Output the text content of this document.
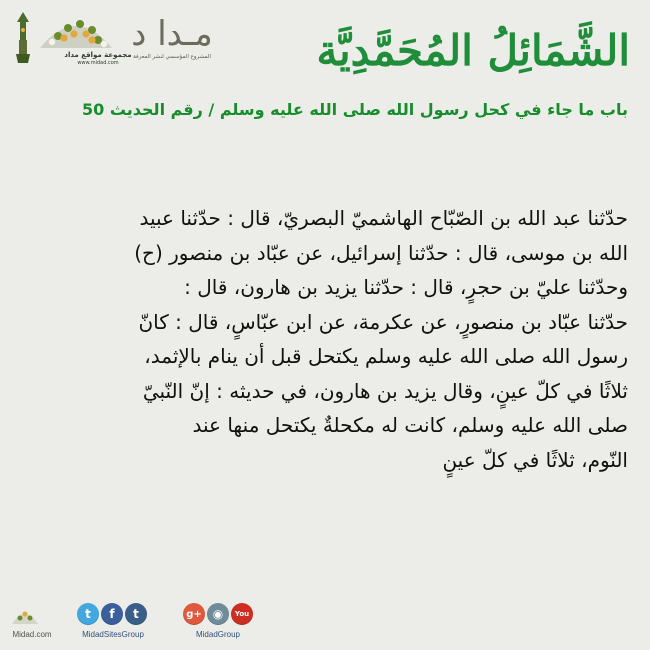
مجموعة مواقع مداد
www.midad.com
مـدا د
المشروع المؤسسي لنشر المعرفة	الشَّمَائِلُ المُحَمَّدِيَّة
باب ما جاء في كحل رسول الله صلى الله عليه وسلم / رقم الحديث 50
حدّثنا عبد الله بن الصّبّاح الهاشميّ البصريّ، قال : حدّثنا عبيد
الله بن موسى، قال : حدّثنا إسرائيل، عن عبّاد بن منصور (ح)
وحدّثنا عليّ بن حجرٍ، قال : حدّثنا يزيد بن هارون، قال :
حدّثنا عبّاد بن منصورٍ، عن عكرمة، عن ابن عبّاسٍ، قال : كانّ
رسول الله صلى الله عليه وسلم يكتحل قبل أن ينام بالإثمد،
ثلاثًا في كلّ عينٍ، وقال يزيد بن هارون، في حديثه : إنّ النّبيّ
صلى الله عليه وسلم، كانت له مكحلةٌ يكتحل منها عند
النّوم، ثلاثًا في كلّ عينٍ
Midad.com
t	f	t
MidadSitesGroup
g+ ◉	You
MidadGroup
